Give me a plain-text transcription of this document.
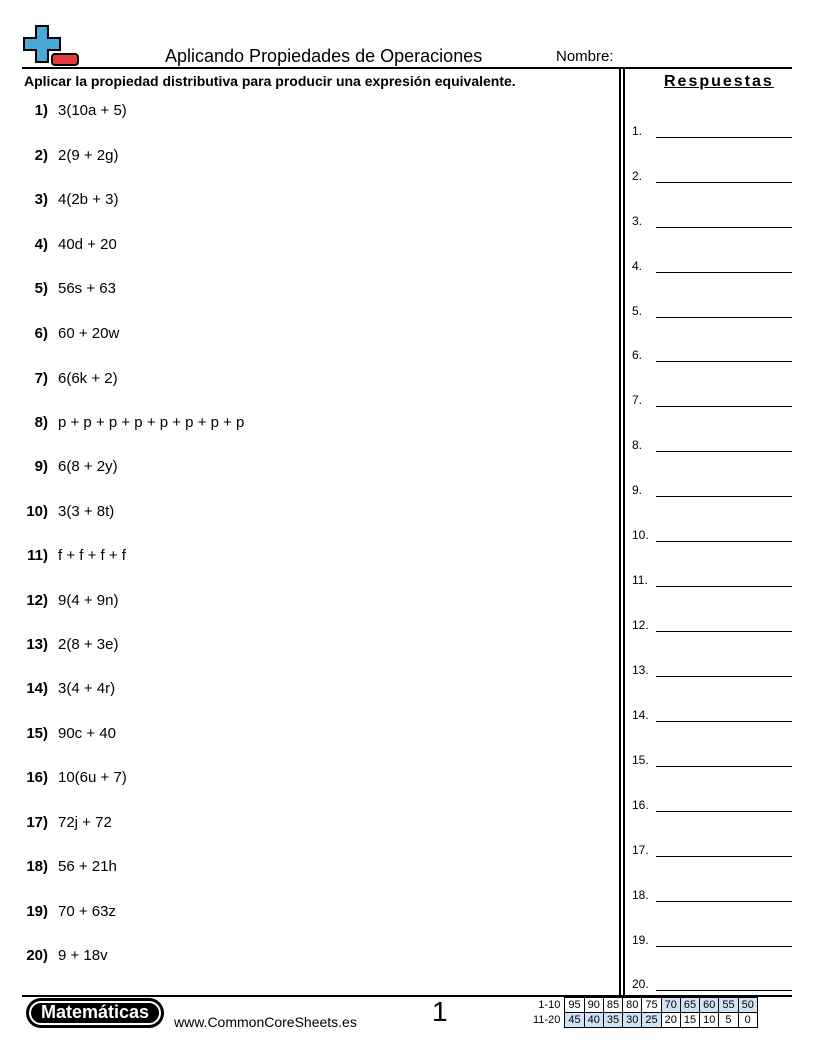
Aplicando Propiedades de Operaciones	Nombre:
Aplicar la propiedad distributiva para producir una expresión equivalente.
1) 3(10a + 5)
2) 2(9 + 2g)
3) 4(2b + 3)
4) 40d + 20
5) 56s + 63
6) 60 + 20w
7) 6(6k + 2)
8) p + p + p + p + p + p + p + p
9) 6(8 + 2y)
10) 3(3 + 8t)
11) f + f + f + f
12) 9(4 + 9n)
13) 2(8 + 3e)
14) 3(4 + 4r)
15) 90c + 40
16) 10(6u + 7)
17) 72j + 72
18) 56 + 21h
19) 70 + 63z
20) 9 + 18v
Respuestas
1.
2.
3.
4.
5.
6.
7.
8.
9.
10.
11.
12.
13.
14.
15.
16.
17.
18.
19.
20.
Matemáticas	www.CommonCoreSheets.es	1	1-10	95	90	85	80	75	70	65	60	55	50
11-20	45	40	35	30	25	20	15	10	5	0
